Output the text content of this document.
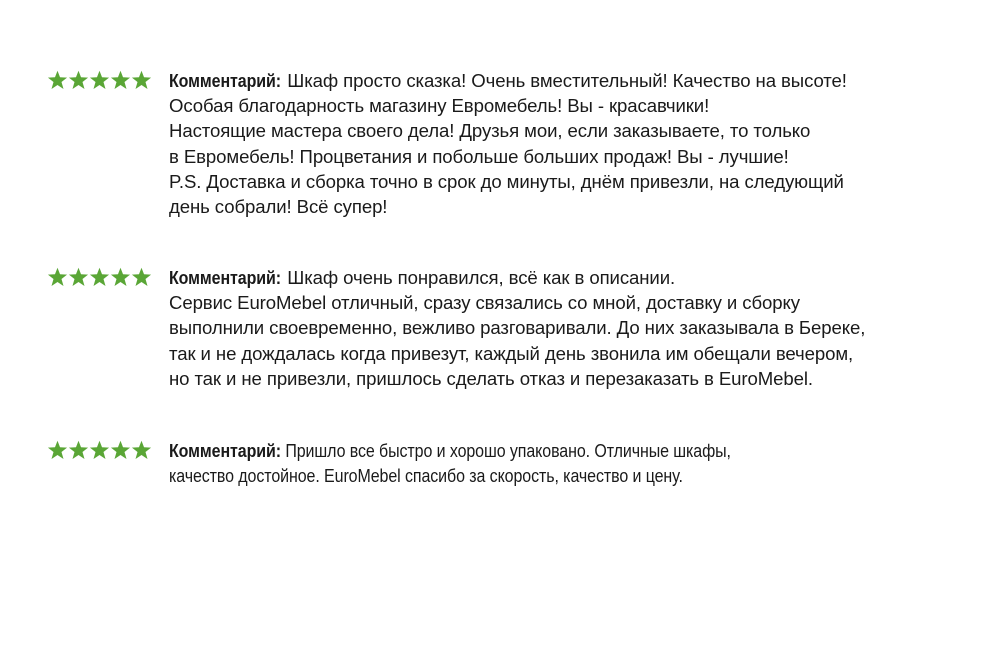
Комментарий: Шкаф просто сказка! Очень вместительный! Качество на высоте!
Особая благодарность магазину Евромебель! Вы - красавчики!
Настоящие мастера своего дела! Друзья мои, если заказываете, то только
в Евромебель! Процветания и побольше больших продаж! Вы - лучшие!
P.S. Доставка и сборка точно в срок до минуты, днём привезли, на следующий
день собрали! Всё супер!
Комментарий: Шкаф очень понравился, всё как в описании.
Сервис EuroMebel отличный, сразу связались со мной, доставку и сборку
выполнили своевременно, вежливо разговаривали. До них заказывала в Береке,
так и не дождалась когда привезут, каждый день звонила им обещали вечером,
но так и не привезли, пришлось сделать отказ и перезаказать в EuroMebel.
Комментарий: Пришло все быстро и хорошо упаковано. Отличные шкафы,
качество достойное. EuroMebel спасибо за скорость, качество и цену.
